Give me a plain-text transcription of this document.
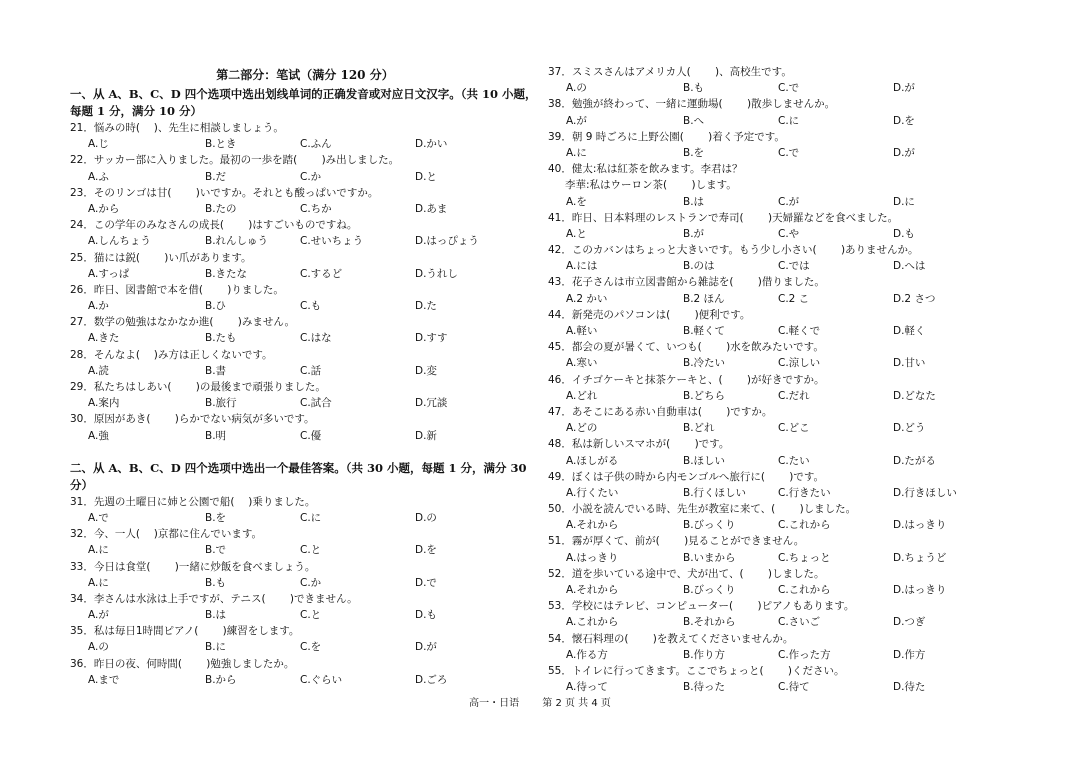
第二部分：笔试（满分 120 分）
一、从 A、B、C、D 四个选项中选出划线单词的正确发音或对应日文汉字。（共 10 小题，每题 1 分，满分 10 分）
21．悩みの時(　 )、先生に相談しましょう。
A.じ	B.とき	C.ふん	D.かい
22．サッカー部に入りました。最初の一歩を踏(　 　)み出しました。
A.ふ	B.だ	C.か	D.と
23．そのリンゴは甘(　 　)いですか。それとも酸っぱいですか。
A.から	B.たの	C.ちか	D.あま
24．この学年のみなさんの成長(　 　)はすごいものですね。
A.しんちょう	B.れんしゅう	C.せいちょう	D.はっぴょう
25．猫には鋭(　 　)い爪があります。
A.すっぱ	B.きたな	C.するど	D.うれし
26．昨日、図書館で本を借(　 　)りました。
A.か	B.ひ	C.も	D.た
27．数学の勉強はなかなか進(　 　)みません。
A.きた	B.たも	C.はな	D.すす
28．そんなよ(　 )み方は正しくないです。
A.読	B.書	C.話	D.変
29．私たちはしあい(　 　)の最後まで頑張りました。
A.案内	B.旅行	C.試合	D.冗談
30．原因があき(　 　)らかでない病気が多いです。
A.強	B.明	C.優	D.新
二、从 A、B、C、D 四个选项中选出一个最佳答案。（共 30 小题，每题 1 分，满分 30 分）
31．先週の土曜日に姉と公園で船(　 )乗りました。
A.で	B.を	C.に	D.の
32．今、一人(　 )京都に住んでいます。
A.に	B.で	C.と	D.を
33．今日は食堂(　 　)一緒に炒飯を食べましょう。
A.に	B.も	C.か	D.で
34．李さんは水泳は上手ですが、テニス(　 　)できません。
A.が	B.は	C.と	D.も
35．私は毎日1時間ピアノ(　 　)練習をします。
A.の	B.に	C.を	D.が
36．昨日の夜、何時間(　 　)勉強しましたか。
A.まで	B.から	C.ぐらい	D.ごろ
37．スミスさんはアメリカ人(　 　)、高校生です。
A.の	B.も	C.で	D.が
38．勉強が終わって、一緒に運動場(　 　)散歩しませんか。
A.が	B.へ	C.に	D.を
39．朝 9 時ごろに上野公園(　 　)着く予定です。
A.に	B.を	C.で	D.が
40．健太:私は紅茶を飲みます。李君は？
李華:私はウーロン茶(　 　)します。
A.を	B.は	C.が	D.に
41．昨日、日本料理のレストランで寿司(　 　)天婦羅などを食べました。
A.と	B.が	C.や	D.も
42．このカバンはちょっと大きいです。もう少し小さい(　 　)ありませんか。
A.には	B.のは	C.では	D.へは
43．花子さんは市立図書館から雑誌を(　 　)借りました。
A.2 かい	B.2 ほん	C.2 こ	D.2 さつ
44．新発売のパソコンは(　 　)便利です。
A.軽い	B.軽くて	C.軽くで	D.軽く
45．都会の夏が暑くて、いつも(　 　)水を飲みたいです。
A.寒い	B.冷たい	C.涼しい	D.甘い
46．イチゴケーキと抹茶ケーキと、(　 　)が好きですか。
A.どれ	B.どちら	C.だれ	D.どなた
47．あそこにある赤い自動車は(　 　)ですか。
A.どの	B.どれ	C.どこ	D.どう
48．私は新しいスマホが(　 　)です。
A.ほしがる	B.ほしい	C.たい	D.たがる
49．ぼくは子供の時から内モンゴルへ旅行に(　 　)です。
A.行くたい	B.行くほしい	C.行きたい	D.行きほしい
50．小説を読んでいる時、先生が教室に来て、(　 　)しました。
A.それから	B.びっくり	C.これから	D.はっきり
51．霧が厚くて、前が(　 　)見ることができません。
A.はっきり	B.いまから	C.ちょっと	D.ちょうど
52．道を歩いている途中で、犬が出て、(　 　)しました。
A.それから	B.びっくり	C.これから	D.はっきり
53．学校にはテレビ、コンピューター(　 　)ピアノもあります。
A.これから	B.それから	C.さいご	D.つぎ
54．懐石料理の(　 　)を教えてくださいませんか。
A.作る方	B.作り方	C.作った方	D.作方
55．トイレに行ってきます。ここでちょっと(　 　)ください。
A.待って	B.待った	C.待て	D.待た
高一・日语 第 2 页 共 4 页
